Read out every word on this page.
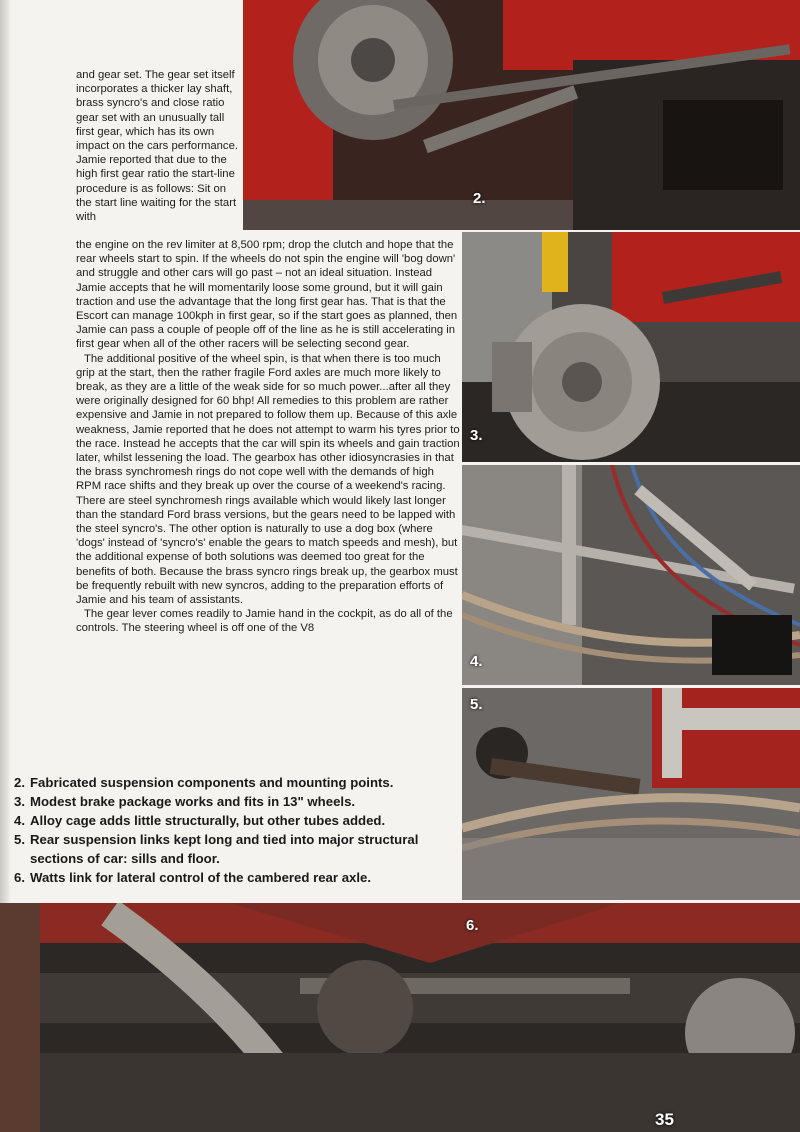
2.
3.
4.
5.
6.

and gear set. The gear set itself incorporates a thicker lay shaft, brass syncro's and close ratio gear set with an unusually tall first gear, which has its own impact on the cars performance. Jamie reported that due to the high first gear ratio the start-line procedure is as follows: Sit on the start line waiting for the start with

the engine on the rev limiter at 8,500 rpm; drop the clutch and hope that the rear wheels start to spin. If the wheels do not spin the engine will 'bog down' and struggle and other cars will go past – not an ideal situation. Instead Jamie accepts that he will momentarily loose some ground, but it will gain traction and use the advantage that the long first gear has. That is that the Escort can manage 100kph in first gear, so if the start goes as planned, then Jamie can pass a couple of people off of the line as he is still accelerating in first gear when all of the other racers will be selecting second gear.

The additional positive of the wheel spin, is that when there is too much grip at the start, then the rather fragile Ford axles are much more likely to break, as they are a little of the weak side for so much power...after all they were originally designed for 60 bhp! All remedies to this problem are rather expensive and Jamie in not prepared to follow them up. Because of this axle weakness, Jamie reported that he does not attempt to warm his tyres prior to the race. Instead he accepts that the car will spin its wheels and gain traction later, whilst lessening the load. The gearbox has other idiosyncrasies in that the brass synchromesh rings do not cope well with the demands of high RPM race shifts and they break up over the course of a weekend's racing. There are steel synchromesh rings available which would likely last longer than the standard Ford brass versions, but the gears need to be lapped with the steel syncro's. The other option is naturally to use a dog box (where 'dogs' instead of 'syncro's' enable the gears to match speeds and mesh), but the additional expense of both solutions was deemed too great for the benefits of both. Because the brass syncro rings break up, the gearbox must be frequently rebuilt with new syncros, adding to the preparation efforts of Jamie and his team of assistants.

The gear lever comes readily to Jamie hand in the cockpit, as do all of the controls. The steering wheel is off one of the V8

2. Fabricated suspension components and mounting points.
3. Modest brake package works and fits in 13" wheels.
4. Alloy cage adds little structurally, but other tubes added.
5. Rear suspension links kept long and tied into major structural sections of car: sills and floor.
6. Watts link for lateral control of the cambered rear axle.
35
